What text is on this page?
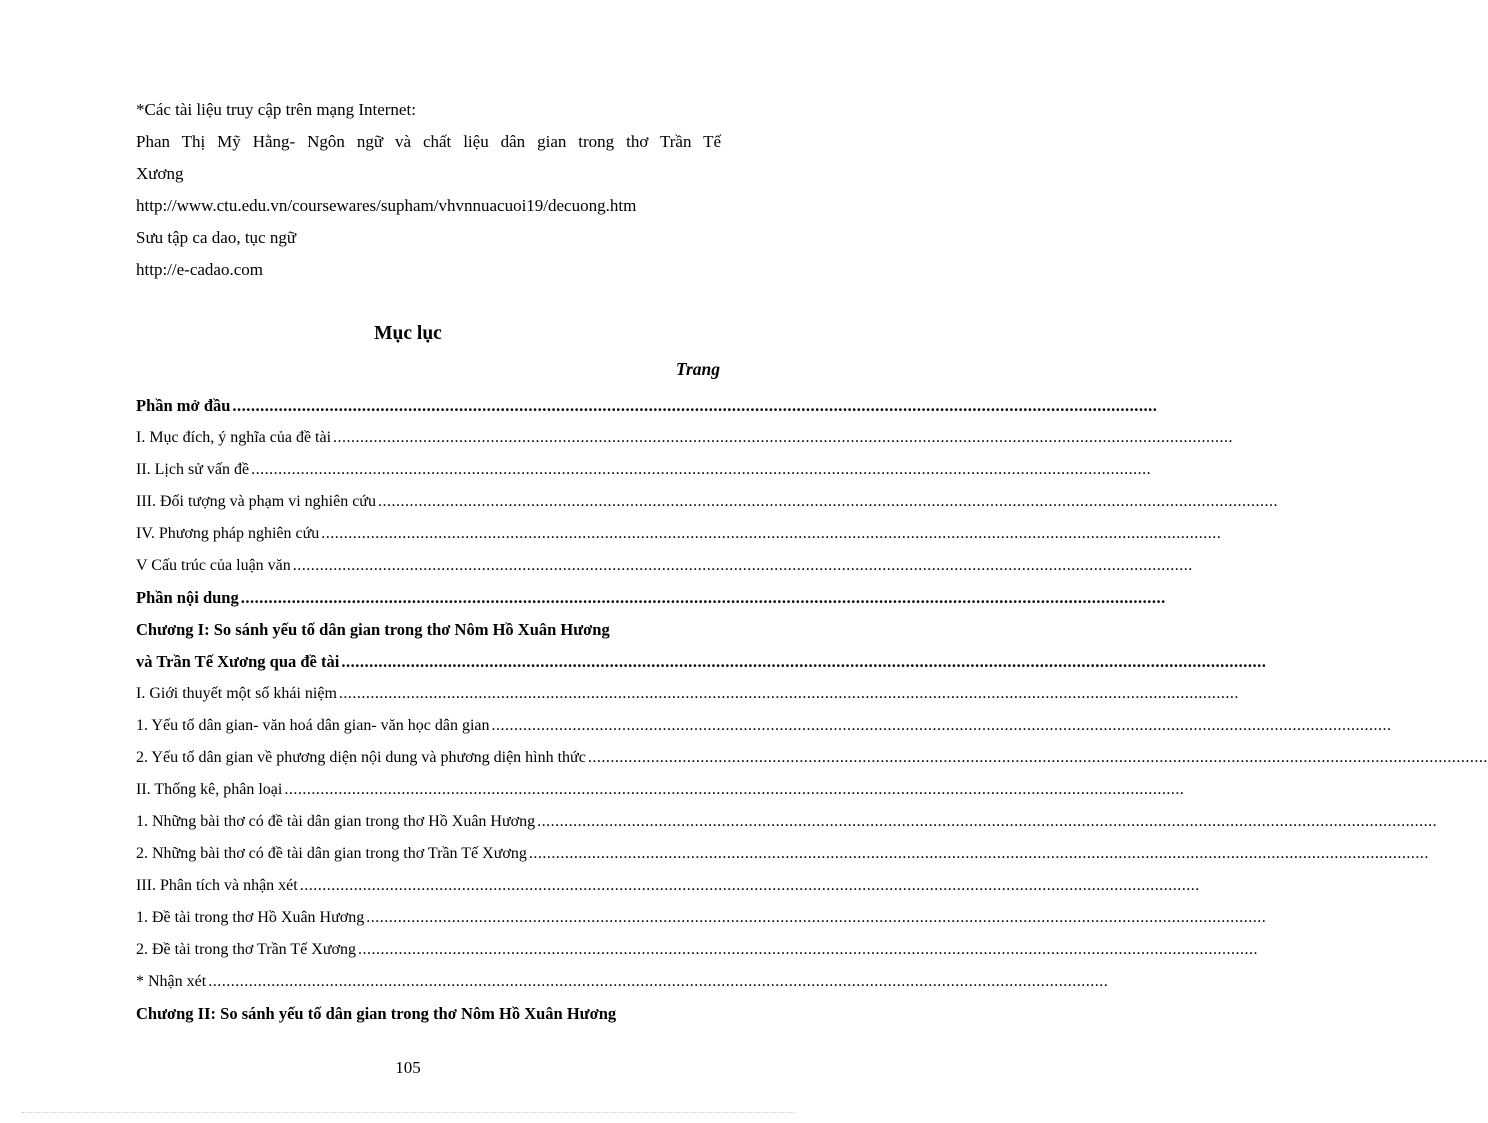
*Các tài liệu truy cập trên mạng Internet:
Phan Thị Mỹ Hằng- Ngôn ngữ và chất liệu dân gian trong thơ Trần Tế
Xương
http://www.ctu.edu.vn/coursewares/supham/vhvnnuacuoi19/decuong.htm
Sưu tập ca dao, tục ngữ
http://e-cadao.com
Mục lục
Trang
Phần mở đầu ........................................................................................................................................................................................................
I. Mục đích, ý nghĩa của đề tài ........................................................................................................................................................................................................
II. Lịch sử vấn đề ........................................................................................................................................................................................................
III. Đối tượng và phạm vi nghiên cứu ........................................................................................................................................................................................................
IV. Phương pháp nghiên cứu ........................................................................................................................................................................................................
V Cấu trúc của luận văn ........................................................................................................................................................................................................
Phần nội dung ........................................................................................................................................................................................................
Chương I: So sánh yếu tố dân gian trong thơ Nôm Hồ Xuân Hương
và Trần Tế Xương qua đề tài ........................................................................................................................................................................................................
I. Giới thuyết một số khái niệm ........................................................................................................................................................................................................
1. Yếu tố dân gian- văn hoá dân gian- văn học dân gian ........................................................................................................................................................................................................
2. Yếu tố dân gian về phương diện nội dung và phương diện hình thức ........................................................................................................................................................................................................
II. Thống kê, phân loại ........................................................................................................................................................................................................
1. Những bài thơ có đề tài dân gian trong thơ Hồ Xuân Hương ........................................................................................................................................................................................................
2. Những bài thơ có đề tài dân gian trong thơ Trần Tế Xương ........................................................................................................................................................................................................
III. Phân tích và nhận xét ........................................................................................................................................................................................................
1. Đề tài trong thơ Hồ Xuân Hương ........................................................................................................................................................................................................
2. Đề tài trong thơ Trần Tế Xương ........................................................................................................................................................................................................
* Nhận xét ........................................................................................................................................................................................................
Chương II: So sánh yếu tố dân gian trong thơ Nôm Hồ Xuân Hương
105
